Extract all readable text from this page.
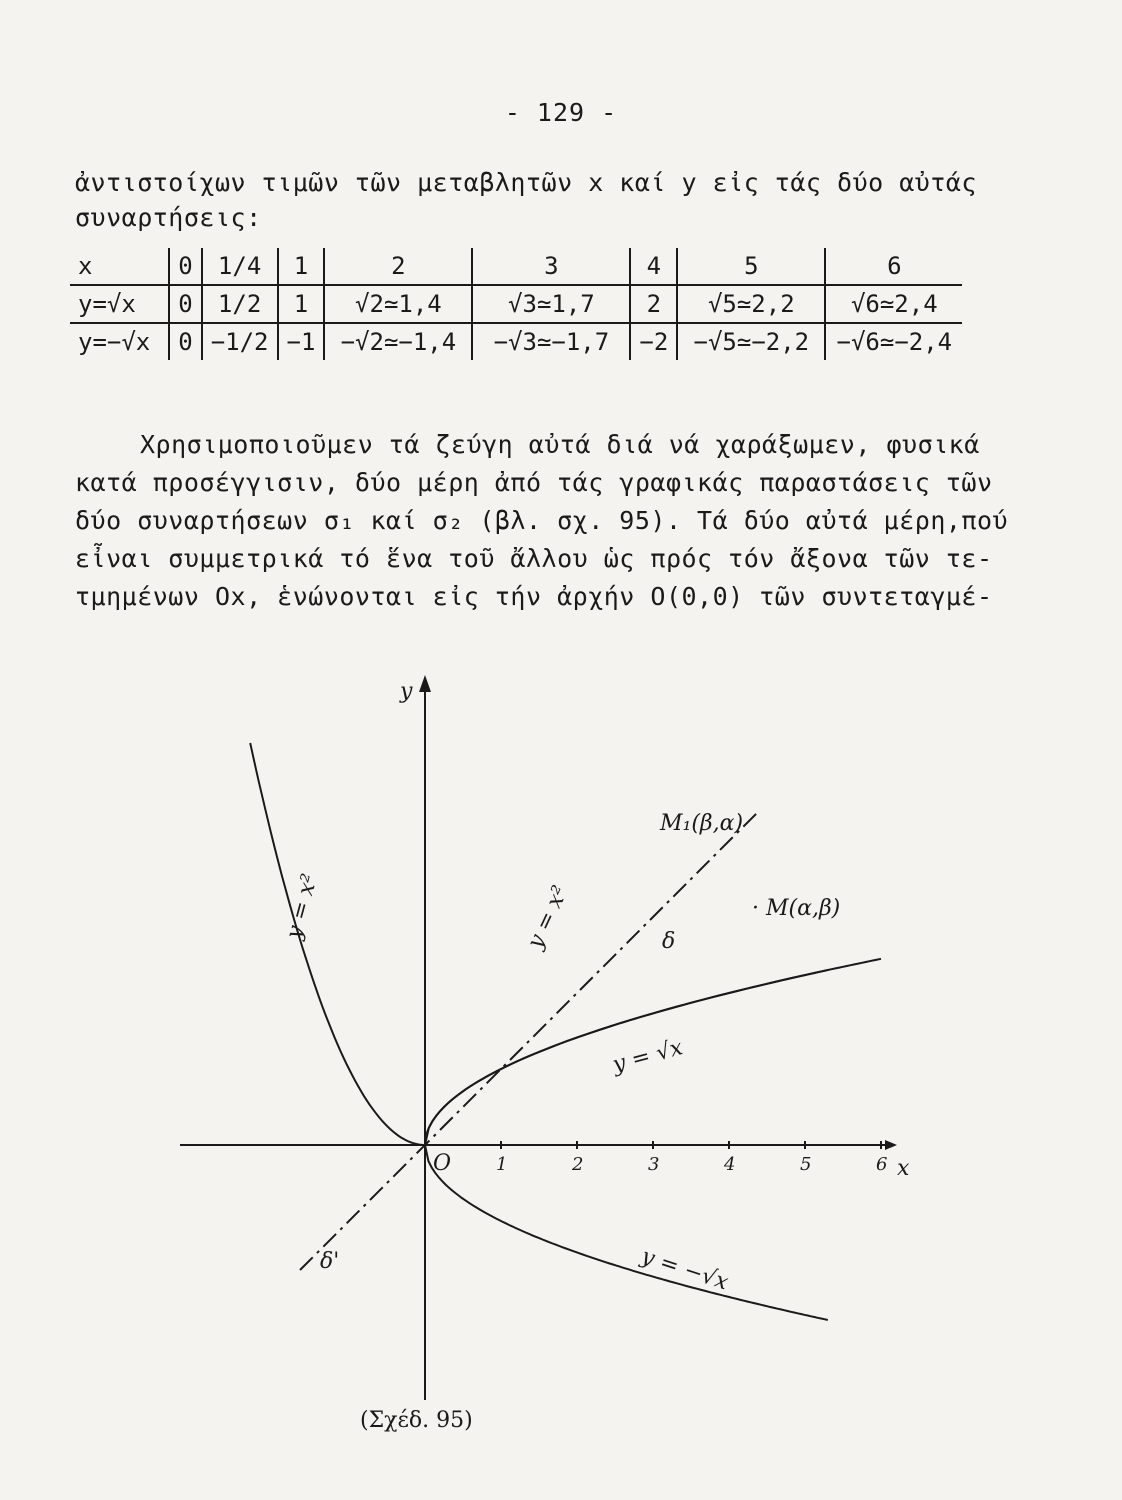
- 129 -
ἀντιστοίχων τιμῶν τῶν μεταβλητῶν x καί y εἰς τάς δύο αὐτάς
συναρτήσεις:
x	0	1/4	1	2	3	4	5	6
y=√x	0	1/2	1	√2≃1,4	√3≃1,7	2	√5≃2,2	√6≃2,4
y=−√x	0	−1/2	−1	−√2≃−1,4	−√3≃−1,7	−2	−√5≃−2,2	−√6≃−2,4
Χρησιμοποιοῦμεν τά ζεύγη αὐτά διά νά χαράξωμεν, φυσικά
κατά προσέγγισιν, δύο μέρη ἀπό τάς γραφικάς παραστάσεις τῶν
δύο συναρτήσεων σ₁ καί σ₂ (βλ. σχ. 95). Τά δύο αὐτά μέρη,πού
εἶναι συμμετρικά τό ἕνα τοῦ ἄλλου ὡς πρός τόν ἄξονα τῶν τε-
τμημένων Ox, ἑνώνονται εἰς τήν ἀρχήν O(0,0) τῶν συντεταγμέ-
1	2	3	4	5	6
y
x
O
y = x²	y = x²
y = √x
y = −√x
δ
δ'
M₁(β,α)
· M(α,β)
(Σχέδ. 95)
